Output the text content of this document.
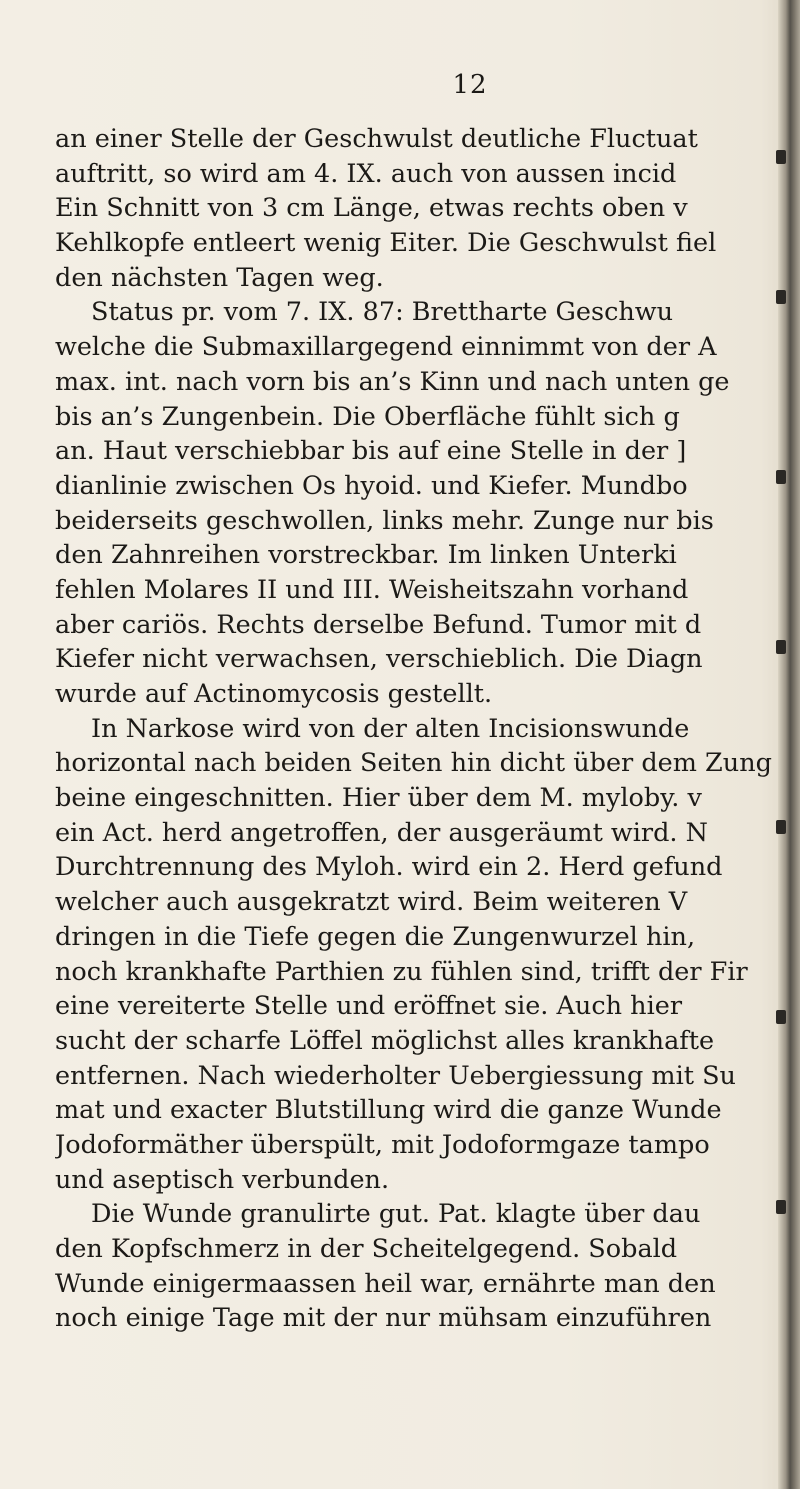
12
an einer Stelle der Geschwulst deutliche Fluctuat
auftritt, so wird am 4. IX. auch von aussen incid
Ein Schnitt von 3 cm Länge, etwas rechts oben v
Kehlkopfe entleert wenig Eiter. Die Geschwulst fiel
den nächsten Tagen weg.
Status pr. vom 7. IX. 87: Brettharte Geschwu
welche die Submaxillargegend einnimmt von der A
max. int. nach vorn bis an’s Kinn und nach unten ge
bis an’s Zungenbein. Die Oberfläche fühlt sich g
an. Haut verschiebbar bis auf eine Stelle in der ]
dianlinie zwischen Os hyoid. und Kiefer. Mundbo
beiderseits geschwollen, links mehr. Zunge nur bis
den Zahnreihen vorstreckbar. Im linken Unterki
fehlen Molares II und III. Weisheitszahn vorhand
aber cariös. Rechts derselbe Befund. Tumor mit d
Kiefer nicht verwachsen, verschieblich. Die Diagn
wurde auf Actinomycosis gestellt.
In Narkose wird von der alten Incisionswunde
horizontal nach beiden Seiten hin dicht über dem Zung
beine eingeschnitten. Hier über dem M. myloby. v
ein Act. herd angetroffen, der ausgeräumt wird. N
Durchtrennung des Myloh. wird ein 2. Herd gefund
welcher auch ausgekratzt wird. Beim weiteren V
dringen in die Tiefe gegen die Zungenwurzel hin,
noch krankhafte Parthien zu fühlen sind, trifft der Fir
eine vereiterte Stelle und eröffnet sie. Auch hier
sucht der scharfe Löffel möglichst alles krankhafte
entfernen. Nach wiederholter Uebergiessung mit Su
mat und exacter Blutstillung wird die ganze Wunde
Jodoformäther überspült, mit Jodoformgaze tampo
und aseptisch verbunden.
Die Wunde granulirte gut. Pat. klagte über dau
den Kopfschmerz in der Scheitelgegend. Sobald
Wunde einigermaassen heil war, ernährte man den
noch einige Tage mit der nur mühsam einzuführen
